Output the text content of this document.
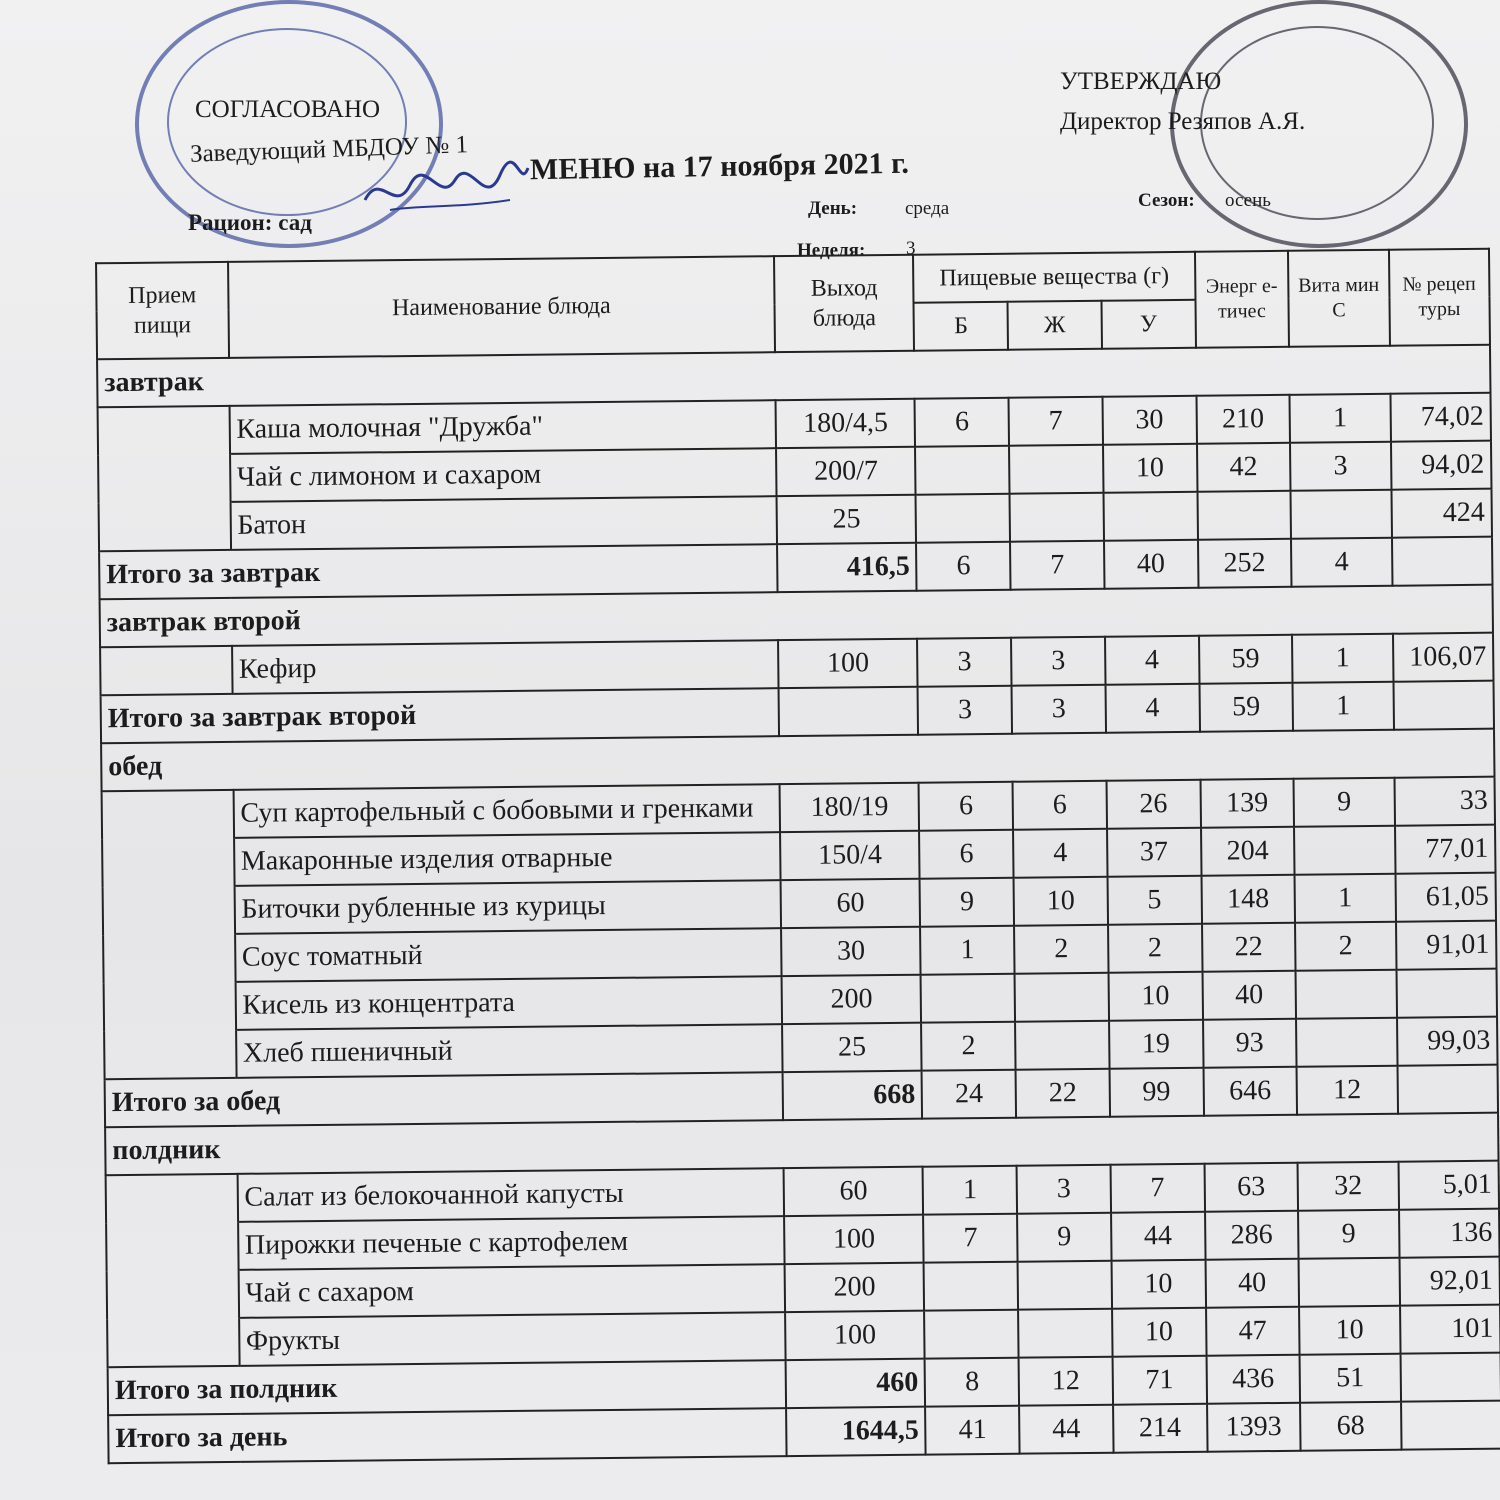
СОГЛАСОВАНО
Заведующий МБДОУ № 1
Рацион: сад
УТВЕРЖДАЮ
Директор Резяпов А.Я.
МЕНЮ на 17 ноября 2021 г.
День:	среда	Сезон: осень
Неделя: 3
Прием пищи	Наименование блюда	Выход блюда	Пищевые вещества (г)			Энерг е-тичес	Вита мин С	№ рецеп туры
			Б	Ж	У			
завтрак								
	Каша молочная "Дружба"	180/4,5	6	7	30	210	1	74,02
	Чай с лимоном и сахаром	200/7			10	42	3	94,02
	Батон	25						424
Итого за завтрак		416,5	6	7	40	252	4	
завтрак второй								
	Кефир	100	3	3	4	59	1	106,07
Итого за завтрак второй			3	3	4	59	1	
обед								
	Суп картофельный с бобовыми и гренками	180/19	6	6	26	139	9	33
	Макаронные изделия отварные	150/4	6	4	37	204		77,01
	Биточки рубленные из курицы	60	9	10	5	148	1	61,05
	Соус томатный	30	1	2	2	22	2	91,01
	Кисель из концентрата	200			10	40		
	Хлеб пшеничный	25	2		19	93		99,03
Итого за обед		668	24	22	99	646	12	
полдник								
	Салат из белокочанной капусты	60	1	3	7	63	32	5,01
	Пирожки печеные с картофелем	100	7	9	44	286	9	136
	Чай с сахаром	200			10	40		92,01
	Фрукты	100			10	47	10	101
Итого за полдник		460	8	12	71	436	51	
Итого за день		1644,5	41	44	214	1393	68	
